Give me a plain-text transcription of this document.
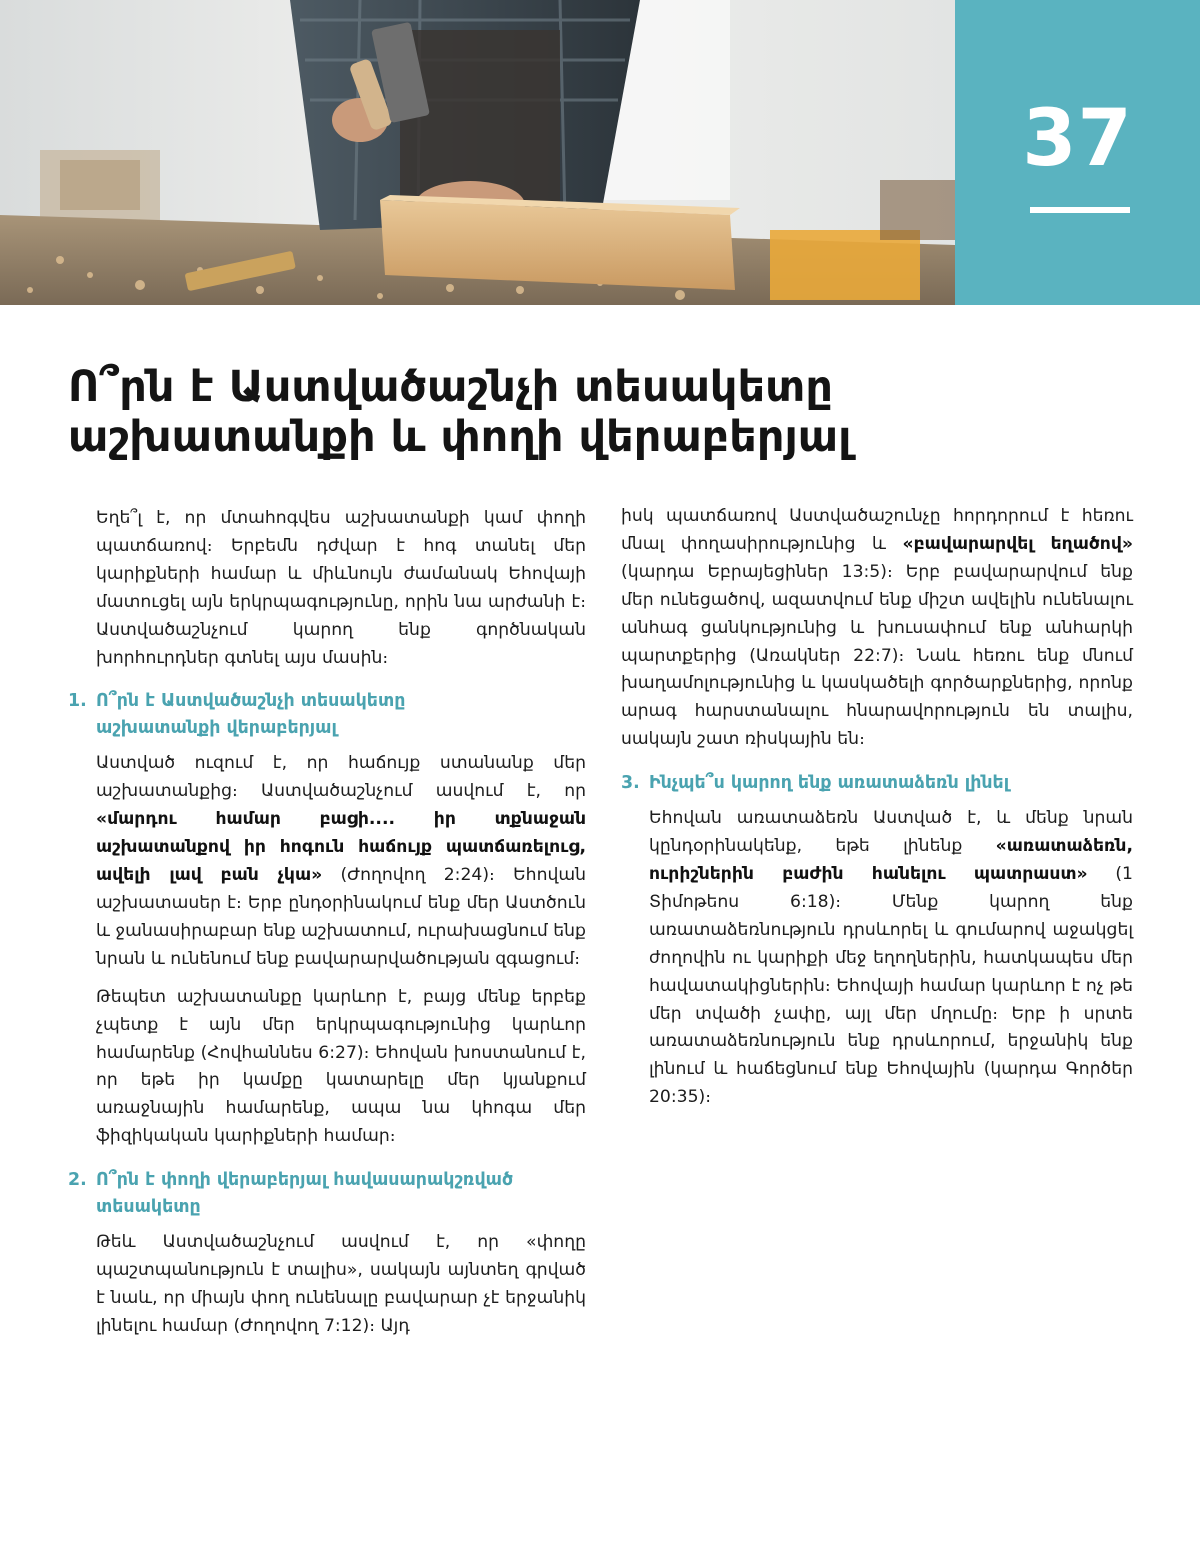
37
Ո՞րն է Աստվածաշնչի տեսակետը
աշխատանքի և փողի վերաբերյալ

Եղե՞լ է, որ մտահոգվես աշխատանքի կամ փողի պատճառով։ Երբեմն դժվար է հոգ տանել մեր կարիքների համար և միևնույն ժամանակ Եհովայի մատուցել այն երկրպագությունը, որին նա արժանի է։ Աստվածաշնչում կարող ենք գործնական խորհուրդներ գտնել այս մասին։

1. Ո՞րն է Աստվածաշնչի տեսակետը
աշխատանքի վերաբերյալ

Աստված ուզում է, որ հաճույք ստանանք մեր աշխատանքից։ Աստվածաշնչում ասվում է, որ «մարդու համար բացի.... իր տքնաջան աշխատանքով իր հոգուն հաճույք պատճառելուց, ավելի լավ բան չկա» (Ժողովող 2:24)։ Եհովան աշխատասեր է։ Երբ ընդօրինակում ենք մեր Աստծուն և ջանասիրաբար ենք աշխատում, ուրախացնում ենք նրան և ունենում ենք բավարարվածության զգացում։

Թեպետ աշխատանքը կարևոր է, բայց մենք երբեք չպետք է այն մեր երկրպագությունից կարևոր համարենք (Հովհաննես 6:27)։ Եհովան խոստանում է, որ եթե իր կամքը կատարելը մեր կյանքում առաջնային համարենք, ապա նա կհոգա մեր ֆիզիկական կարիքների համար։

2. Ո՞րն է փողի վերաբերյալ հավասարակշռված
տեսակետը

Թեև Աստվածաշնչում ասվում է, որ «փողը պաշտպանություն է տալիս», սակայն այնտեղ գրված է նաև, որ միայն փող ունենալը բավարար չէ երջանիկ լինելու համար (Ժողովող 7:12)։ Այդ

իսկ պատճառով Աստվածաշունչը հորդորում է հեռու մնալ փողասիրությունից և «բավարարվել եղածով» (կարդա Եբրայեցիներ 13:5)։ Երբ բավարարվում ենք մեր ունեցածով, ազատվում ենք միշտ ավելին ունենալու անհագ ցանկությունից և խուսափում ենք անհարկի պարտքերից (Առակներ 22:7)։ Նաև հեռու ենք մնում խաղամոլությունից և կասկածելի գործարքներից, որոնք արագ հարստանալու հնարավորություն են տալիս, սակայն շատ ռիսկային են։

3. Ինչպե՞ս կարող ենք առատաձեռն լինել

Եհովան առատաձեռն Աստված է, և մենք նրան կընդօրինակենք, եթե լինենք «առատաձեռն, ուրիշներին բաժին հանելու պատրաստ» (1 Տիմոթեոս 6:18)։ Մենք կարող ենք առատաձեռնություն դրսևորել և գումարով աջակցել ժողովին ու կարիքի մեջ եղողներին, հատկապես մեր հավատակիցներին։ Եհովայի համար կարևոր է ոչ թե մեր տվածի չափը, այլ մեր մղումը։ Երբ ի սրտե առատաձեռնություն ենք դրսևորում, երջանիկ ենք լինում և հաճեցնում ենք Եհովային (կարդա Գործեր 20:35)։
